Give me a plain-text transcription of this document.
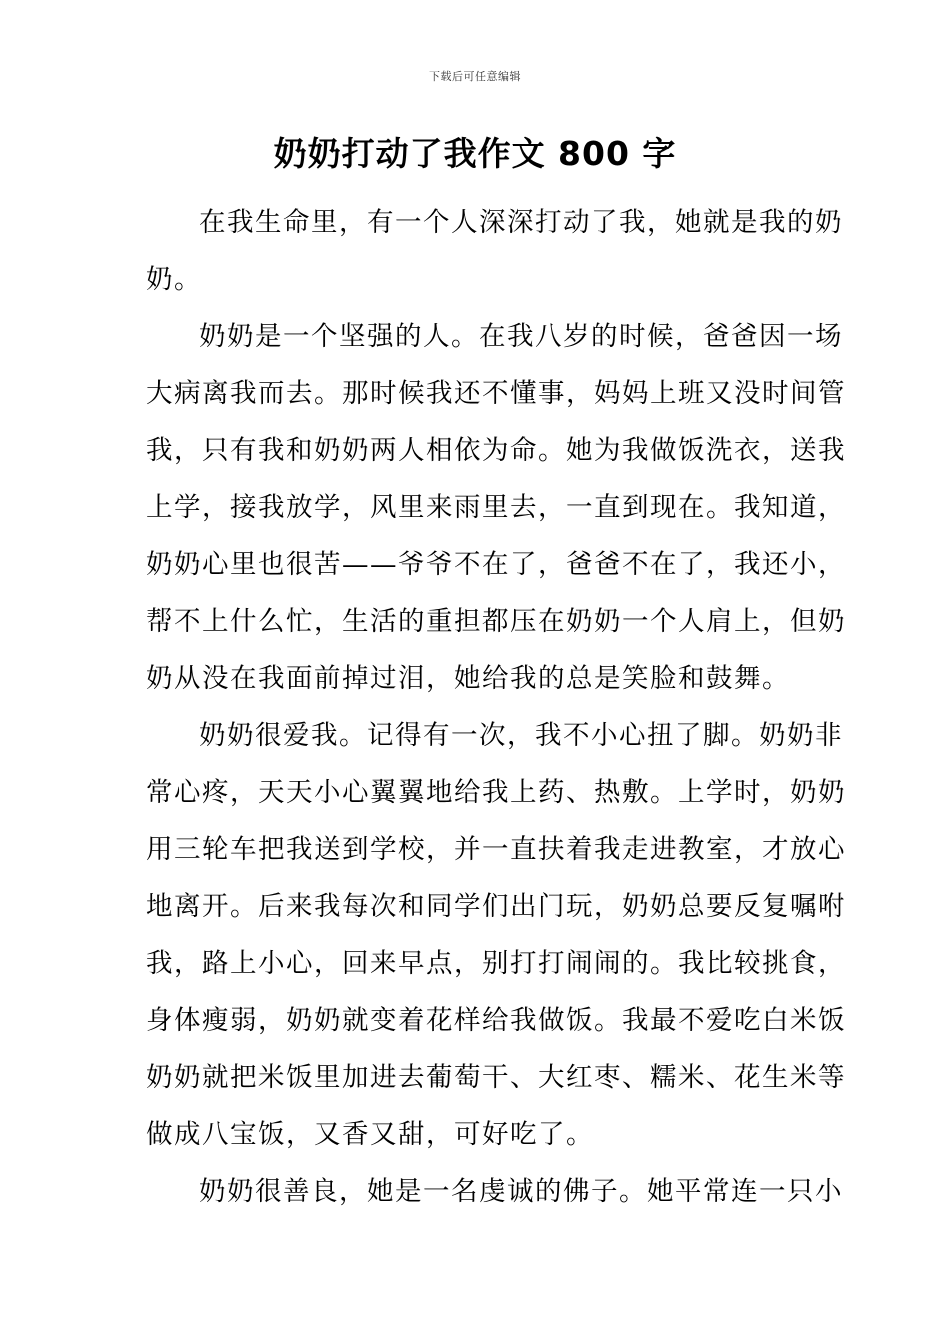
下载后可任意编辑
奶奶打动了我作文 800 字
在我生命里，有一个人深深打动了我，她就是我的奶
奶。
奶奶是一个坚强的人。在我八岁的时候，爸爸因一场
大病离我而去。那时候我还不懂事，妈妈上班又没时间管
我，只有我和奶奶两人相依为命。她为我做饭洗衣，送我
上学，接我放学，风里来雨里去，一直到现在。我知道，
奶奶心里也很苦——爷爷不在了，爸爸不在了，我还小，
帮不上什么忙，生活的重担都压在奶奶一个人肩上，但奶
奶从没在我面前掉过泪，她给我的总是笑脸和鼓舞。
奶奶很爱我。记得有一次，我不小心扭了脚。奶奶非
常心疼，天天小心翼翼地给我上药、热敷。上学时，奶奶
用三轮车把我送到学校，并一直扶着我走进教室，才放心
地离开。后来我每次和同学们出门玩，奶奶总要反复嘱咐
我，路上小心，回来早点，别打打闹闹的。我比较挑食，
身体瘦弱，奶奶就变着花样给我做饭。我最不爱吃白米饭
奶奶就把米饭里加进去葡萄干、大红枣、糯米、花生米等
做成八宝饭，又香又甜，可好吃了。
奶奶很善良，她是一名虔诚的佛子。她平常连一只小
